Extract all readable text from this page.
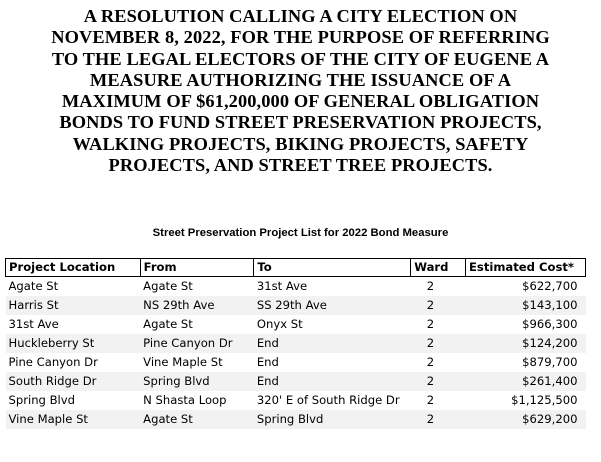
A RESOLUTION CALLING A CITY ELECTION ON
NOVEMBER 8, 2022, FOR THE PURPOSE OF REFERRING
TO THE LEGAL ELECTORS OF THE CITY OF EUGENE A
MEASURE AUTHORIZING THE ISSUANCE OF A
MAXIMUM OF $61,200,000 OF GENERAL OBLIGATION
BONDS TO FUND STREET PRESERVATION PROJECTS,
WALKING PROJECTS, BIKING PROJECTS, SAFETY
PROJECTS, AND STREET TREE PROJECTS.
Street Preservation Project List for 2022 Bond Measure
Project Location	From	To	Ward	Estimated Cost*
Agate St	Agate St	31st Ave	2	$622,700
Harris St	NS 29th Ave	SS 29th Ave	2	$143,100
31st Ave	Agate St	Onyx St	2	$966,300
Huckleberry St	Pine Canyon Dr	End	2	$124,200
Pine Canyon Dr	Vine Maple St	End	2	$879,700
South Ridge Dr	Spring Blvd	End	2	$261,400
Spring Blvd	N Shasta Loop	320' E of South Ridge Dr	2	$1,125,500
Vine Maple St	Agate St	Spring Blvd	2	$629,200
